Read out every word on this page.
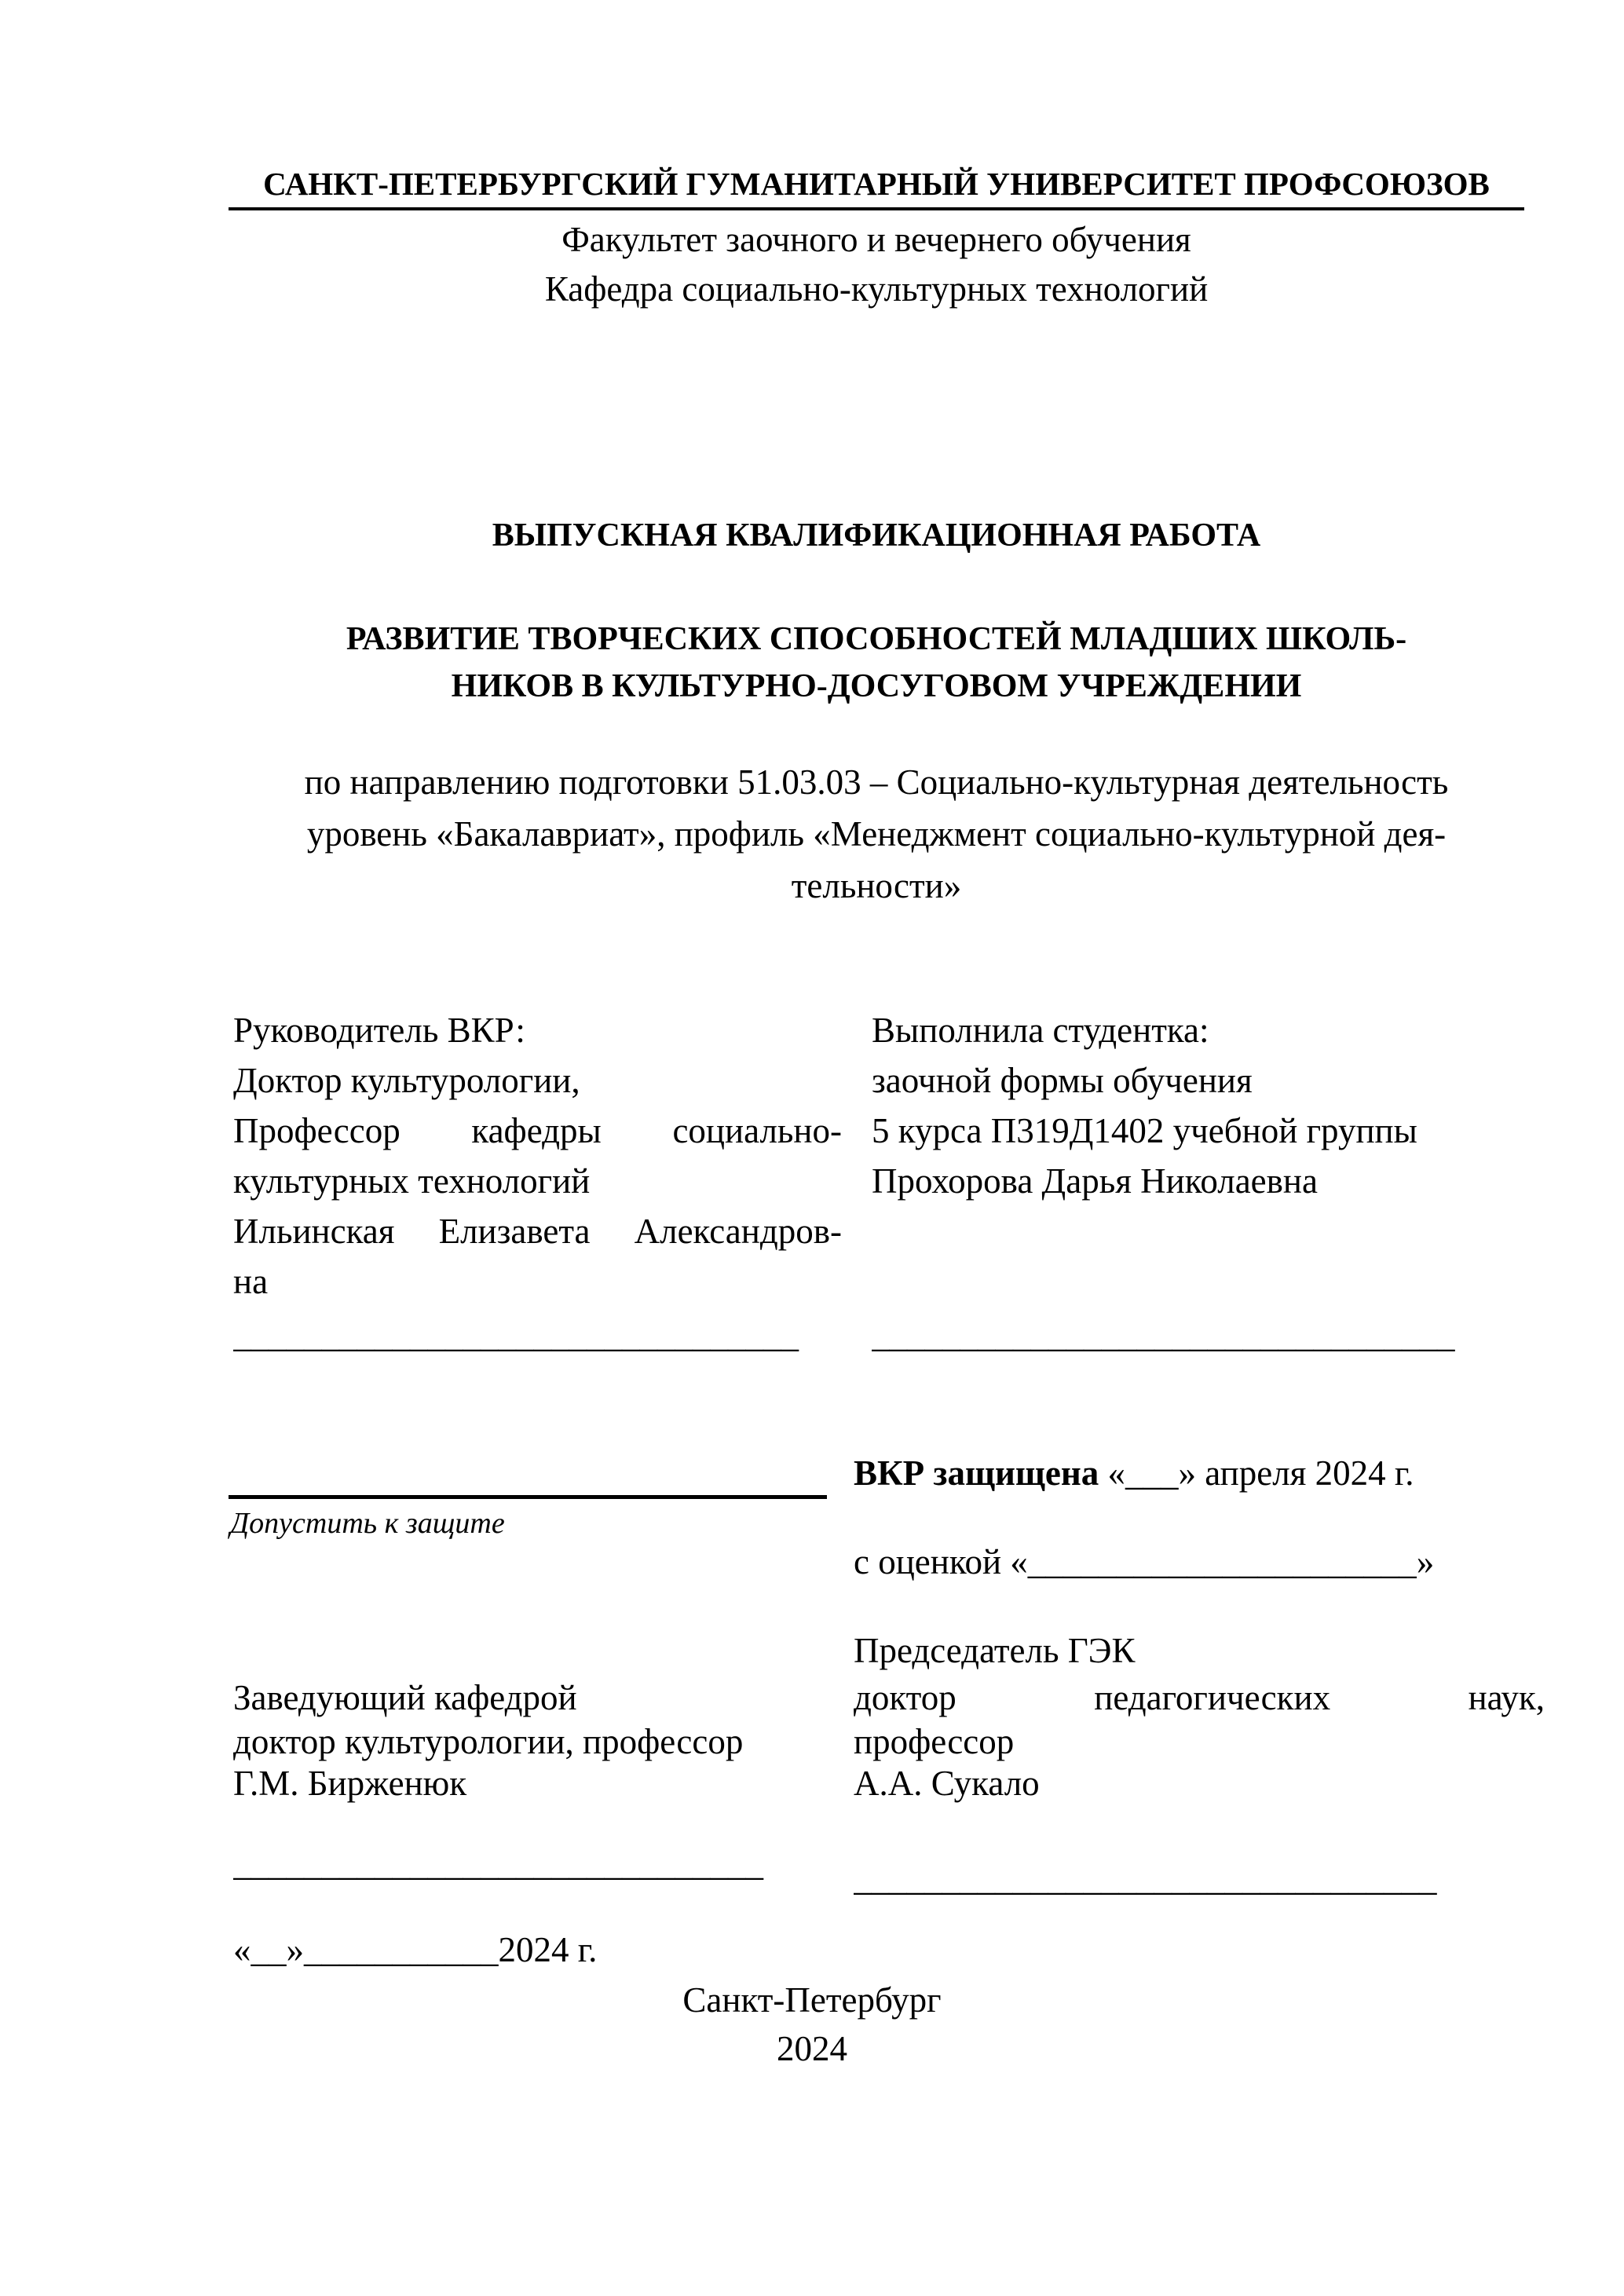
САНКТ-ПЕТЕРБУРГСКИЙ ГУМАНИТАРНЫЙ УНИВЕРСИТЕТ ПРОФСОЮЗОВ
Факультет заочного и вечернего обучения
Кафедра социально-культурных технологий
ВЫПУСКНАЯ КВАЛИФИКАЦИОННАЯ РАБОТА
РАЗВИТИЕ ТВОРЧЕСКИХ СПОСОБНОСТЕЙ МЛАДШИХ ШКОЛЬ-
НИКОВ В КУЛЬТУРНО-ДОСУГОВОМ УЧРЕЖДЕНИИ
по направлению подготовки 51.03.03 – Социально-культурная деятельность
уровень «Бакалавриат», профиль «Менеджмент социально-культурной дея-
тельности»
Руководитель ВКР:
Доктор культурологии,
Профессор кафедры социально-
культурных технологий
Ильинская Елизавета Александров-
на
________________________________
Выполнила студентка:
заочной формы обучения
5 курса П319Д1402 учебной группы
Прохорова Дарья Николаевна
_________________________________
Допустить к защите
Заведующий кафедрой
доктор культурологии, профессор
Г.М. Бирженюк
______________________________
«__»___________2024 г.
ВКР защищена «___» апреля 2024 г.
с оценкой «______________________»
Председатель ГЭК
доктор педагогических наук,
профессор
А.А. Сукало
_________________________________
Санкт-Петербург
2024
